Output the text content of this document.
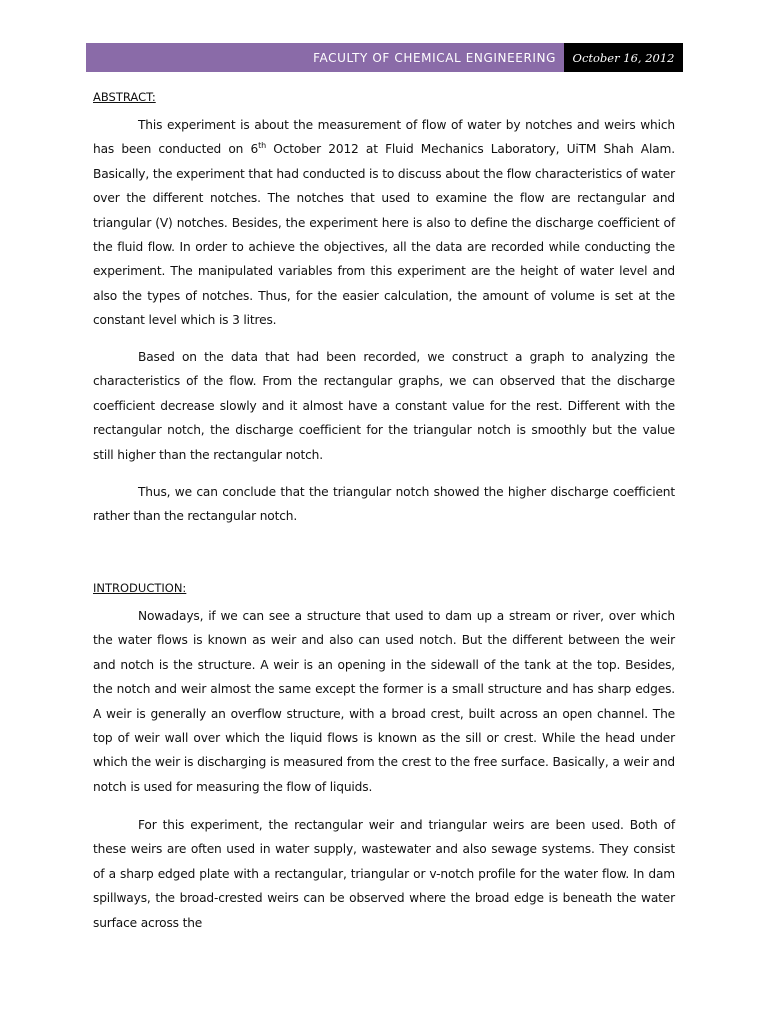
FACULTY OF CHEMICAL ENGINEERING	October 16, 2012
ABSTRACT:

This experiment is about the measurement of flow of water by notches and weirs which has been conducted on 6th October 2012 at Fluid Mechanics Laboratory, UiTM Shah Alam. Basically, the experiment that had conducted is to discuss about the flow characteristics of water over the different notches. The notches that used to examine the flow are rectangular and triangular (V) notches. Besides, the experiment here is also to define the discharge coefficient of the fluid flow. In order to achieve the objectives, all the data are recorded while conducting the experiment. The manipulated variables from this experiment are the height of water level and also the types of notches. Thus, for the easier calculation, the amount of volume is set at the constant level which is 3 litres.

Based on the data that had been recorded, we construct a graph to analyzing the characteristics of the flow. From the rectangular graphs, we can observed that the discharge coefficient decrease slowly and it almost have a constant value for the rest. Different with the rectangular notch, the discharge coefficient for the triangular notch is smoothly but the value still higher than the rectangular notch.

Thus, we can conclude that the triangular notch showed the higher discharge coefficient rather than the rectangular notch.

INTRODUCTION:

Nowadays, if we can see a structure that used to dam up a stream or river, over which the water flows is known as weir and also can used notch. But the different between the weir and notch is the structure. A weir is an opening in the sidewall of the tank at the top. Besides, the notch and weir almost the same except the former is a small structure and has sharp edges. A weir is generally an overflow structure, with a broad crest, built across an open channel. The top of weir wall over which the liquid flows is known as the sill or crest. While the head under which the weir is discharging is measured from the crest to the free surface. Basically, a weir and notch is used for measuring the flow of liquids.

For this experiment, the rectangular weir and triangular weirs are been used. Both of these weirs are often used in water supply, wastewater and also sewage systems. They consist of a sharp edged plate with a rectangular, triangular or v-notch profile for the water flow. In dam spillways, the broad-crested weirs can be observed where the broad edge is beneath the water surface across the
